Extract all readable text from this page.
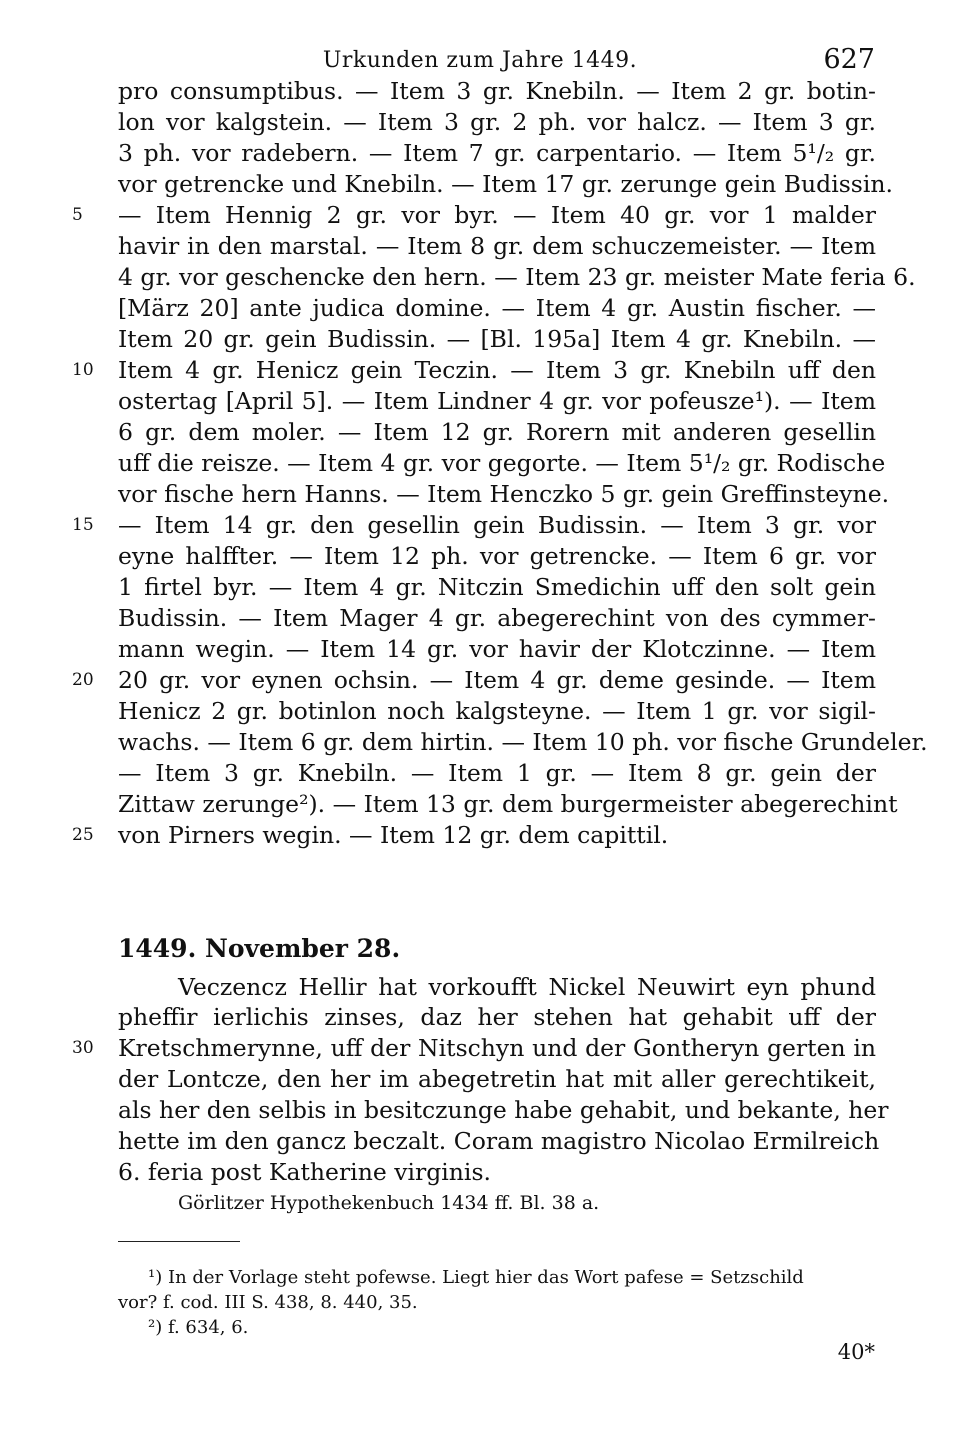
Urkunden zum Jahre 1449.	627
pro consumptibus. — Item 3 gr. Knebiln. — Item 2 gr. botin-
lon vor kalgstein. — Item 3 gr. 2 ph. vor halcz. — Item 3 gr.
3 ph. vor radebern. — Item 7 gr. carpentario. — Item 5¹/₂ gr.
vor getrencke und Knebiln. — Item 17 gr. zerunge gein Budissin.
— Item Hennig 2 gr. vor byr. — Item 40 gr. vor 1 malder
havir in den marstal. — Item 8 gr. dem schuczemeister. — Item
4 gr. vor geschencke den hern. — Item 23 gr. meister Mate feria 6.
[März 20] ante judica domine. — Item 4 gr. Austin fischer. —
Item 20 gr. gein Budissin. — [Bl. 195a] Item 4 gr. Knebiln. —
Item 4 gr. Henicz gein Teczin. — Item 3 gr. Knebiln uff den
ostertag [April 5]. — Item Lindner 4 gr. vor pofeusze¹). — Item
6 gr. dem moler. — Item 12 gr. Rorern mit anderen gesellin
uff die reisze. — Item 4 gr. vor gegorte. — Item 5¹/₂ gr. Rodische
vor fische hern Hanns. — Item Henczko 5 gr. gein Greffinsteyne.
— Item 14 gr. den gesellin gein Budissin. — Item 3 gr. vor
eyne halffter. — Item 12 ph. vor getrencke. — Item 6 gr. vor
1 firtel byr. — Item 4 gr. Nitczin Smedichin uff den solt gein
Budissin. — Item Mager 4 gr. abegerechint von des cymmer-
mann wegin. — Item 14 gr. vor havir der Klotczinne. — Item
20 gr. vor eynen ochsin. — Item 4 gr. deme gesinde. — Item
Henicz 2 gr. botinlon noch kalgsteyne. — Item 1 gr. vor sigil-
wachs. — Item 6 gr. dem hirtin. — Item 10 ph. vor fische Grundeler.
— Item 3 gr. Knebiln. — Item 1 gr. — Item 8 gr. gein der
Zittaw zerunge²). — Item 13 gr. dem burgermeister abegerechint
von Pirners wegin. — Item 12 gr. dem capittil.
5
10
15
20
25
30
1449. November 28.
Veczencz Hellir hat vorkoufft Nickel Neuwirt eyn phund
pheffir ierlichis zinses, daz her stehen hat gehabit uff der
Kretschmerynne, uff der Nitschyn und der Gontheryn gerten in
der Lontcze, den her im abegetretin hat mit aller gerechtikeit,
als her den selbis in besitczunge habe gehabit, und bekante, her
hette im den gancz beczalt. Coram magistro Nicolao Ermilreich
6. feria post Katherine virginis.
Görlitzer Hypothekenbuch 1434 ff. Bl. 38 a.
¹) In der Vorlage steht pofewse. Liegt hier das Wort pafese = Setzschild
vor? f. cod. III S. 438, 8. 440, 35.
²) f. 634, 6.
40*
